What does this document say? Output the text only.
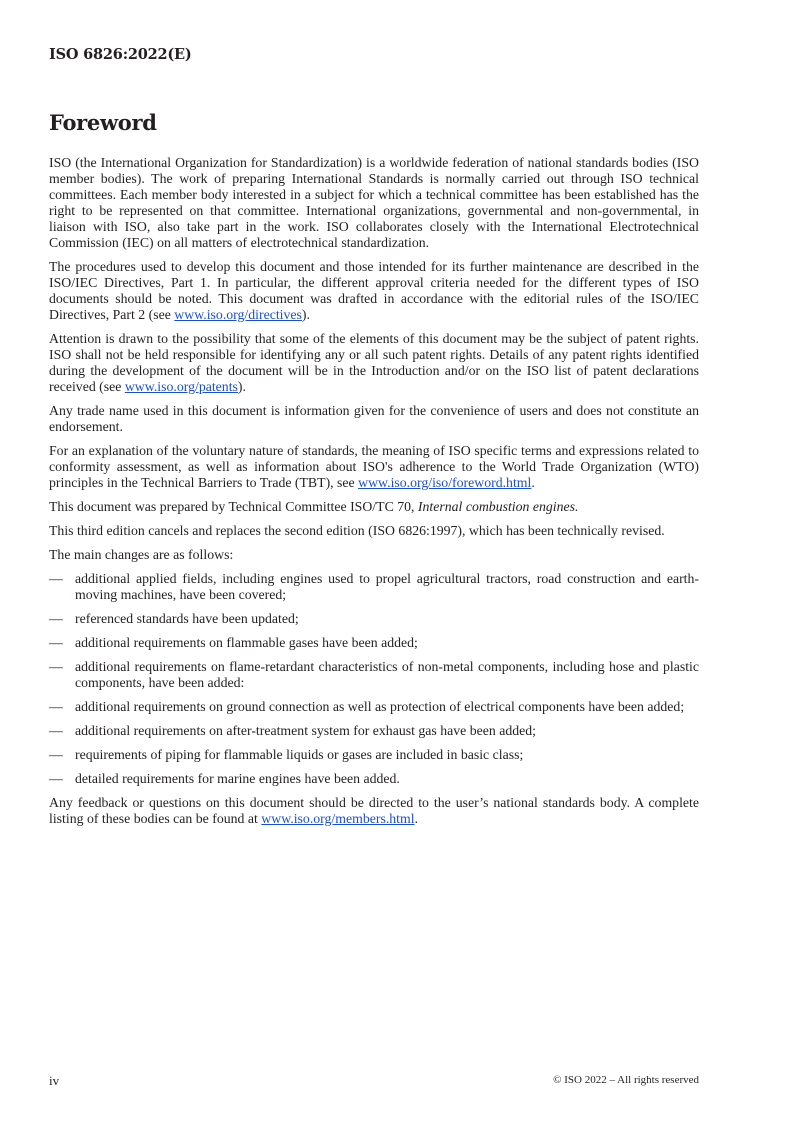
ISO 6826:2022(E)
Foreword

ISO (the International Organization for Standardization) is a worldwide federation of national standards bodies (ISO member bodies). The work of preparing International Standards is normally carried out through ISO technical committees. Each member body interested in a subject for which a technical committee has been established has the right to be represented on that committee. International organizations, governmental and non-governmental, in liaison with ISO, also take part in the work. ISO collaborates closely with the International Electrotechnical Commission (IEC) on all matters of electrotechnical standardization.

The procedures used to develop this document and those intended for its further maintenance are described in the ISO/IEC Directives, Part 1. In particular, the different approval criteria needed for the different types of ISO documents should be noted. This document was drafted in accordance with the editorial rules of the ISO/IEC Directives, Part 2 (see www.iso.org/directives).

Attention is drawn to the possibility that some of the elements of this document may be the subject of patent rights. ISO shall not be held responsible for identifying any or all such patent rights. Details of any patent rights identified during the development of the document will be in the Introduction and/or on the ISO list of patent declarations received (see www.iso.org/patents).

Any trade name used in this document is information given for the convenience of users and does not constitute an endorsement.

For an explanation of the voluntary nature of standards, the meaning of ISO specific terms and expressions related to conformity assessment, as well as information about ISO's adherence to the World Trade Organization (WTO) principles in the Technical Barriers to Trade (TBT), see www.iso.org/iso/foreword.html.

This document was prepared by Technical Committee ISO/TC 70, Internal combustion engines.

This third edition cancels and replaces the second edition (ISO 6826:1997), which has been technically revised.

The main changes are as follows:

— additional applied fields, including engines used to propel agricultural tractors, road construction and earth-moving machines, have been covered;
— referenced standards have been updated;
— additional requirements on flammable gases have been added;
— additional requirements on flame-retardant characteristics of non-metal components, including hose and plastic components, have been added:
— additional requirements on ground connection as well as protection of electrical components have been added;
— additional requirements on after-treatment system for exhaust gas have been added;
— requirements of piping for flammable liquids or gases are included in basic class;
— detailed requirements for marine engines have been added.

Any feedback or questions on this document should be directed to the user’s national standards body. A complete listing of these bodies can be found at www.iso.org/members.html.

iv	© ISO 2022 – All rights reserved
